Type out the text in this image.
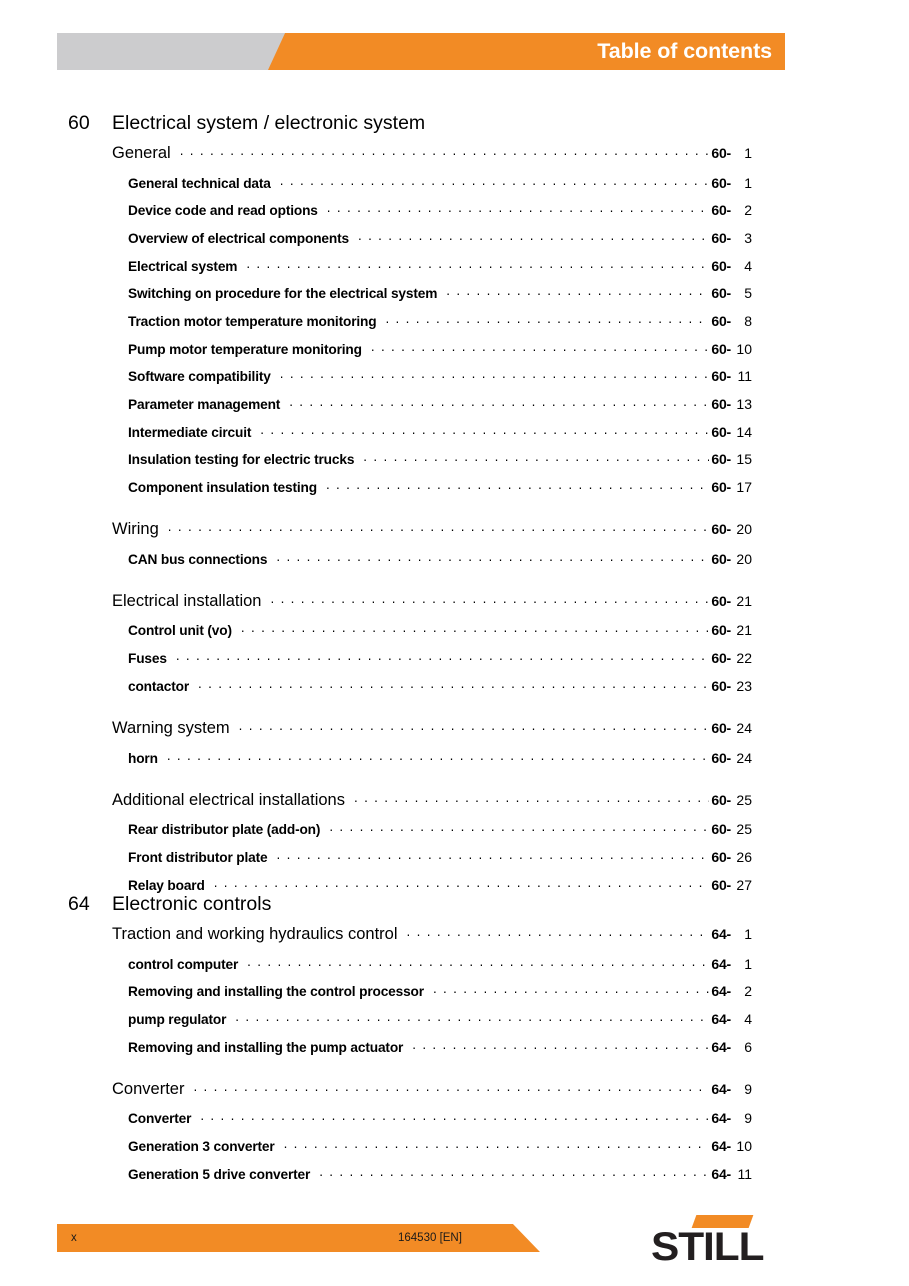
Table of contents
60 Electrical system / electronic system
General . . .	60- 1
General technical data . . .	60- 1
Device code and read options . . .	60- 2
Overview of electrical components . . .	60- 3
Electrical system . . .	60- 4
Switching on procedure for the electrical system . . .	60- 5
Traction motor temperature monitoring . . .	60- 8
Pump motor temperature monitoring . . .	60- 10
Software compatibility . . .	60- 11
Parameter management . . .	60- 13
Intermediate circuit . . .	60- 14
Insulation testing for electric trucks . . .	60- 15
Component insulation testing . . .	60- 17
Wiring . . .	60- 20
CAN bus connections . . .	60- 20
Electrical installation . . .	60- 21
Control unit (vo) . . .	60- 21
Fuses . . .	60- 22
contactor . . .	60- 23
Warning system . . .	60- 24
horn . . .	60- 24
Additional electrical installations . . .	60- 25
Rear distributor plate (add-on) . . .	60- 25
Front distributor plate . . .	60- 26
Relay board . . .	60- 27
64 Electronic controls
Traction and working hydraulics control . . .	64- 1
control computer . . .	64- 1
Removing and installing the control processor . . .	64- 2
pump regulator . . .	64- 4
Removing and installing the pump actuator . . .	64- 6
Converter . . .	64- 9
Converter . . .	64- 9
Generation 3 converter . . .	64- 10
Generation 5 drive converter . . .	64- 11
x	164530 [EN]	STILL
